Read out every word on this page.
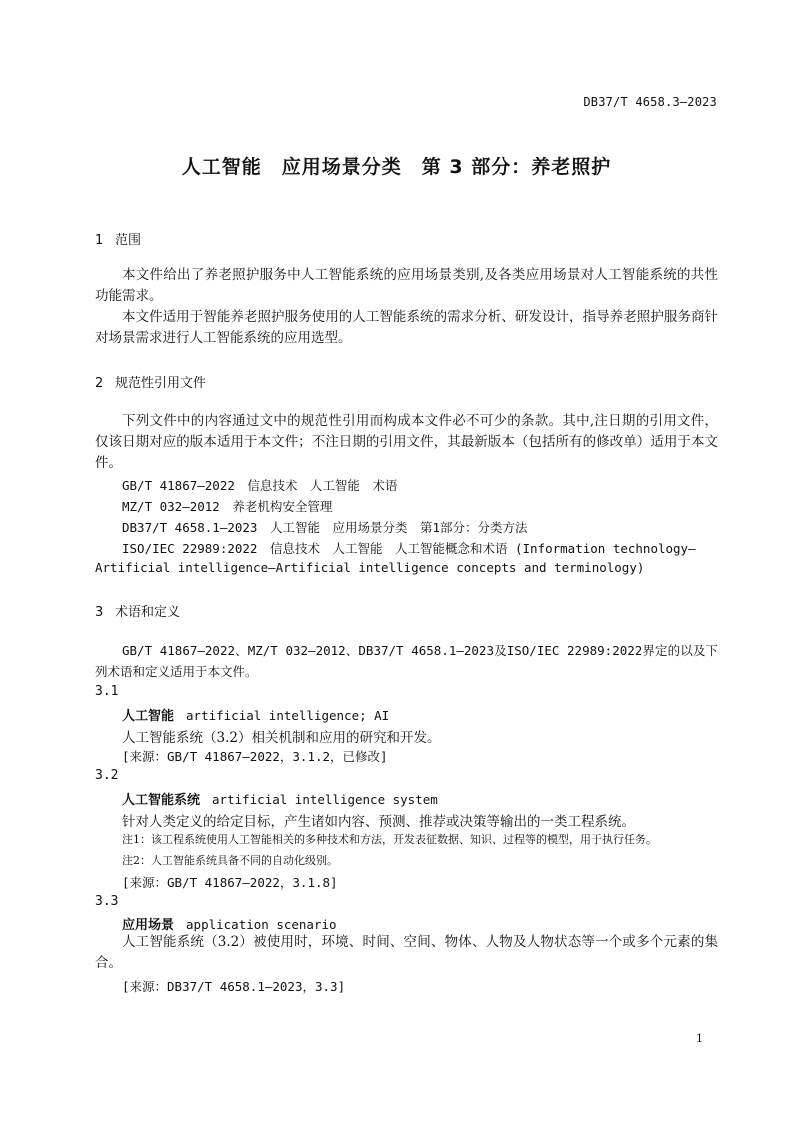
DB37/T 4658.3—2023
人工智能　应用场景分类　第 3 部分：养老照护
1 范围
本文件给出了养老照护服务中人工智能系统的应用场景类别,及各类应用场景对人工智能系统的共性功能需求。
本文件适用于智能养老照护服务使用的人工智能系统的需求分析、研发设计，指导养老照护服务商针对场景需求进行人工智能系统的应用选型。
2 规范性引用文件
下列文件中的内容通过文中的规范性引用而构成本文件必不可少的条款。其中,注日期的引用文件，仅该日期对应的版本适用于本文件；不注日期的引用文件，其最新版本（包括所有的修改单）适用于本文件。
GB/T 41867—2022　信息技术　人工智能　术语
MZ/T 032—2012　养老机构安全管理
DB37/T 4658.1—2023　人工智能　应用场景分类　第1部分：分类方法
ISO/IEC 22989:2022　信息技术　人工智能　人工智能概念和术语 (Information technology—
Artificial intelligence—Artificial intelligence concepts and terminology)
3 术语和定义
GB/T 41867—2022、MZ/T 032—2012、DB37/T 4658.1—2023及ISO/IEC 22989:2022界定的以及下列术语和定义适用于本文件。
3.1
人工智能 artificial intelligence; AI
人工智能系统（3.2）相关机制和应用的研究和开发。
[来源：GB/T 41867—2022，3.1.2，已修改]
3.2
人工智能系统 artificial intelligence system
针对人类定义的给定目标，产生诸如内容、预测、推荐或决策等输出的一类工程系统。
注1：该工程系统使用人工智能相关的多种技术和方法，开发表征数据、知识、过程等的模型，用于执行任务。
注2：人工智能系统具备不同的自动化级别。
[来源：GB/T 41867—2022，3.1.8]
3.3
应用场景 application scenario
人工智能系统（3.2）被使用时，环境、时间、空间、物体、人物及人物状态等一个或多个元素的集合。
[来源：DB37/T 4658.1—2023，3.3]
1
